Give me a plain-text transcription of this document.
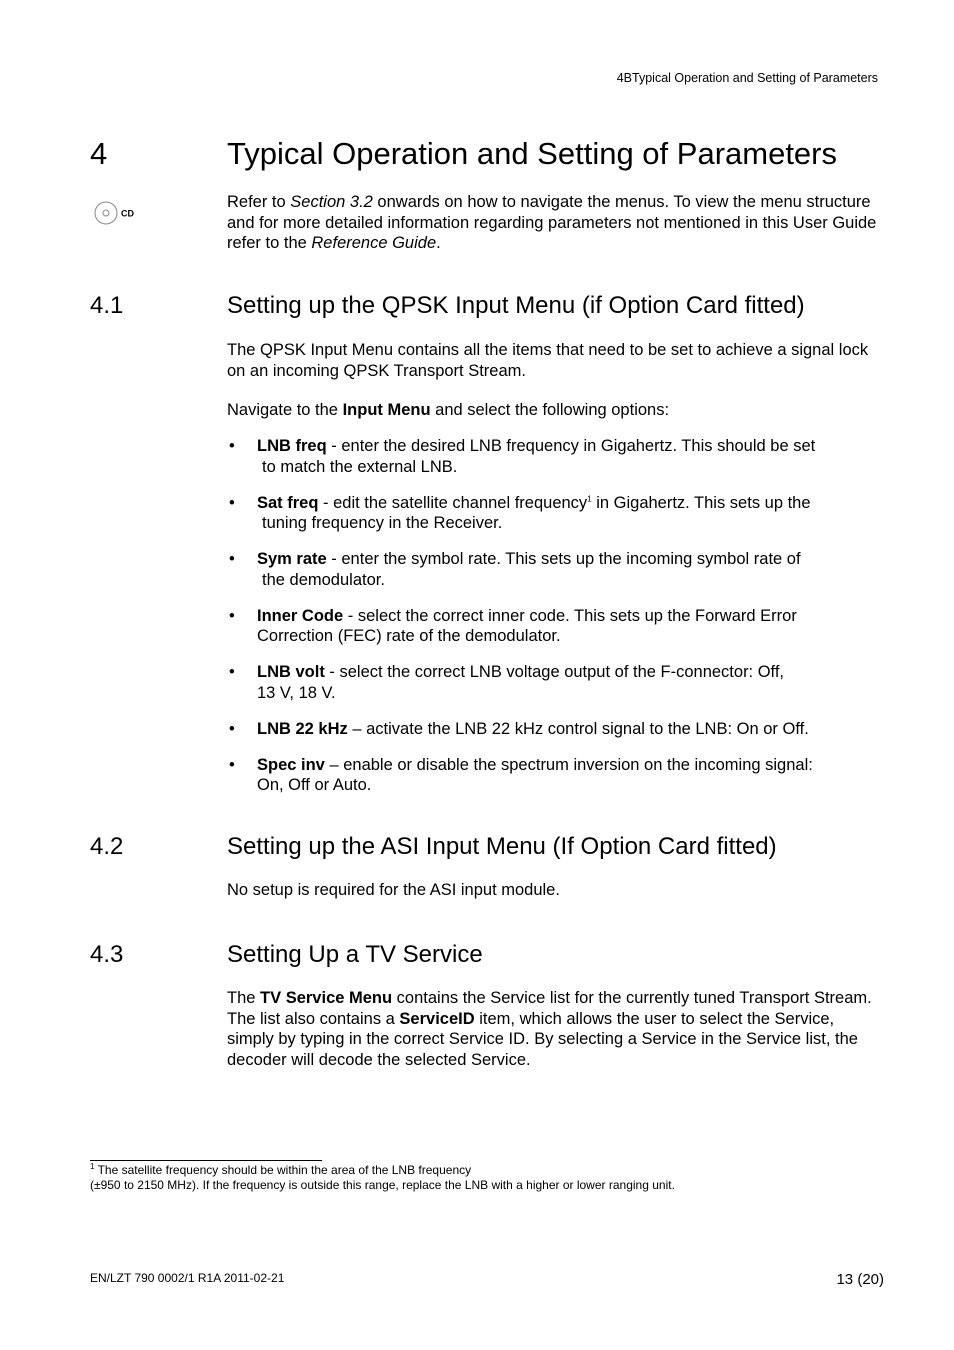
4BTypical Operation and Setting of Parameters
4	Typical Operation and Setting of Parameters
CD
Refer to Section 3.2 onwards on how to navigate the menus. To view the menu structure and for more detailed information regarding parameters not mentioned in this User Guide refer to the Reference Guide.
4.1	Setting up the QPSK Input Menu (if Option Card fitted)
The QPSK Input Menu contains all the items that need to be set to achieve a signal lock on an incoming QPSK Transport Stream.
Navigate to the Input Menu and select the following options:
• LNB freq - enter the desired LNB frequency in Gigahertz. This should be set
to match the external LNB.
• Sat freq - edit the satellite channel frequency$^1$ in Gigahertz. This sets up the
tuning frequency in the Receiver.
• Sym rate - enter the symbol rate. This sets up the incoming symbol rate of
the demodulator.
• Inner Code - select the correct inner code. This sets up the Forward Error
Correction (FEC) rate of the demodulator.
• LNB volt - select the correct LNB voltage output of the F-connector: Off,
13 V, 18 V.
• LNB 22 kHz – activate the LNB 22 kHz control signal to the LNB: On or Off.
• Spec inv – enable or disable the spectrum inversion on the incoming signal:
On, Off or Auto.
4.2	Setting up the ASI Input Menu (If Option Card fitted)
No setup is required for the ASI input module.
4.3	Setting Up a TV Service
The TV Service Menu contains the Service list for the currently tuned Transport Stream. The list also contains a ServiceID item, which allows the user to select the Service, simply by typing in the correct Service ID. By selecting a Service in the Service list, the decoder will decode the selected Service.
$^1$ The satellite frequency should be within the area of the LNB frequency
(±950 to 2150 MHz). If the frequency is outside this range, replace the LNB with a higher or lower ranging unit.
EN/LZT 790 0002/1 R1A 2011-02-21	13 (20)
